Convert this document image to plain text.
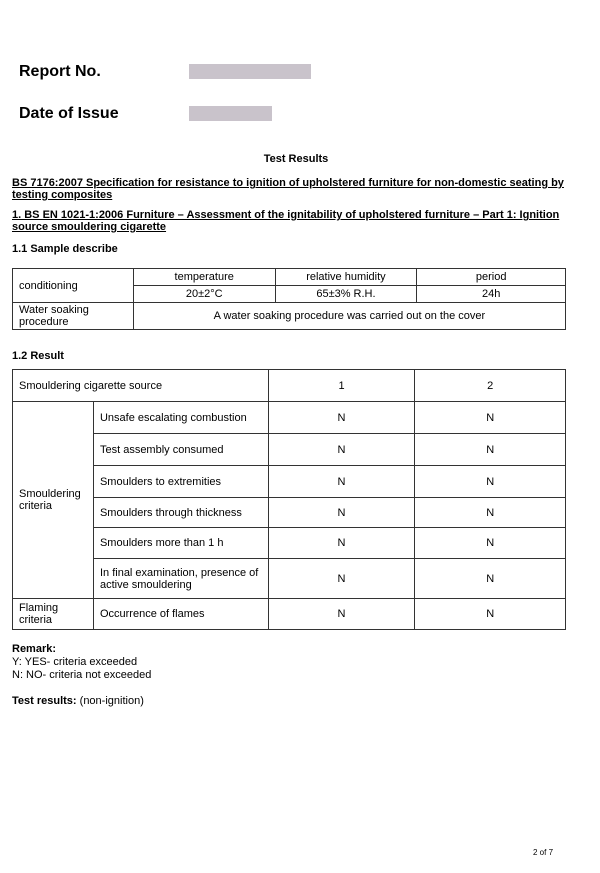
Report No.
Date of Issue
Test Results
BS 7176:2007 Specification for resistance to ignition of upholstered furniture for non-domestic seating by testing composites
1. BS EN 1021-1:2006 Furniture – Assessment of the ignitability of upholstered furniture – Part 1: Ignition source smouldering cigarette
1.1 Sample describe
conditioning	temperature	relative humidity	period
	20±2°C	65±3% R.H.	24h
Water soaking procedure	A water soaking procedure was carried out on the cover		
1.2 Result
Smouldering cigarette source		1	2
Smouldering criteria	Unsafe escalating combustion	N	N
	Test assembly consumed	N	N
	Smoulders to extremities	N	N
	Smoulders through thickness	N	N
	Smoulders more than 1 h	N	N
	In final examination, presence of active smouldering	N	N
Flaming criteria	Occurrence of flames	N	N
Remark:
Y: YES- criteria exceeded
N: NO- criteria not exceeded
Test results: (non-ignition)
2 of 7
